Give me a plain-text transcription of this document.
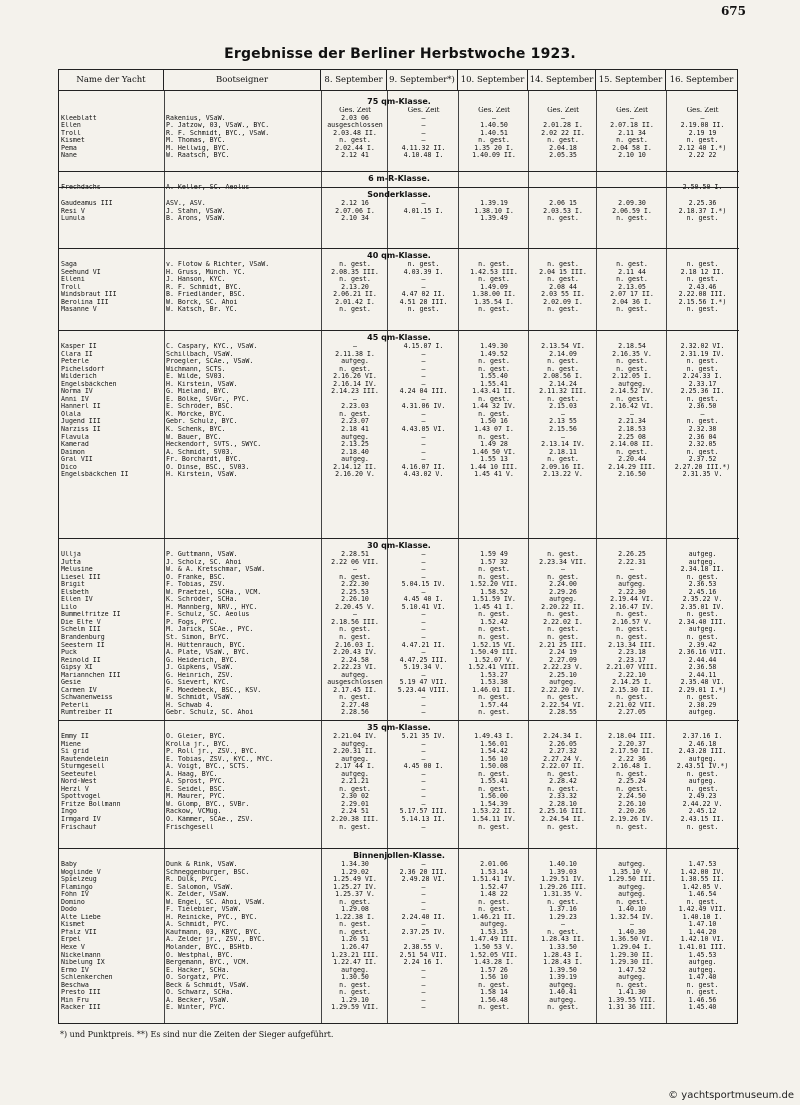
675
Ergebnisse der Berliner Herbstwoche 1923.
Name der Yacht	Bootseigner	8. September 9. September*) 10. September 14. September 15. September 16. September
75 qm-Klasse.
Ges. Zeit	Ges. Zeit	Ges. Zeit	Ges. Zeit	Ges. Zeit	Ges. Zeit
Kleeblatt	Rakenius, VSaW.	2.03 06	—	—	—	—	—
Ellen	P. Jatzow, 03, VSaW., BYC.	ausgeschlossen	—	1.40.50	2.01.28 I.	2.07.18 II.	2.19.08 II.
Troll	R. F. Schmidt, BYC., VSaW.	2.03.48 II.	—	1.40.51	2.02 22 II.	2.11 34	2.19 19
Kismet	M. Thomas, BYC.	n. gest.	—	n. gest.	n. gest.	n. gest.	n. gest.
Pema	M. Hellwig, BYC.	2.02.44 I.	4.11.32 II.	1.35 20 I.	2.04.18	2.04 58 I.	2.12 40 I.*)
Nane	W. Raatsch, BYC.	2.12 41	4.10.48 I.	1.40.09 II.	2.05.35	2.10 10	2.22 22
6 m-R-Klasse.
Frechdachs	A. Keller, SC. Aeolus	—	—	—	—	—	2.50.50 I.
Sonderklasse.
Gaudeamus III	ASV., ASV.	2.12 16	—	1.39.19	2.06 15	2.09.30	2.25.36
Resi V	J. Stahn, VSaW.	2.07.06 I.	4.01.15 I.	1.38.10 I.	2.03.53 I.	2.06.59 I.	2.18.37 I.*)
Lunula	B. Arons, VSaW.	2.10 34	—	1.39.49	n. gest.	n. gest.	n. gest.
40 qm-Klasse.
Saga	v. Flotow & Richter, VSaW.	n. gest.	n. gest.	n. gest.	n. gest.	n. gest.	n. gest.
Seehund VI	H. Gruss, Münch. YC.	2.08.35 III.	4.03.39 I.	1.42.53 III.	2.04 15 III.	2.11 44	2.18 12 II.
Elleni	J. Hanson, KYC.	n. gest.	—	n. gest.	n. gest.	n. gest.	n. gest.
Troll	R. F. Schmidt, BYC.	2.13.20	—	1.49.09	2.08 44	2.13.05	2.43.46
Windsbraut III	B. Friedländer, BSC.	2.06.21 II.	4.47 02 II.	1.38.00 II.	2.03 55 II.	2.07 17 II.	2.22.08 III.
Berolina III	W. Borck, SC. Ahoi	2.01.42 I.	4.51 28 III.	1.35.54 I.	2.02.09 I.	2.04 36 I.	2.15.56 I.*)
Masanne V	W. Katsch, Br. YC.	n. gest.	n. gest.	n. gest.	n. gest.	n. gest.	n. gest.
45 qm-Klasse.
Kasper II	C. Caspary, KYC., VSaW.	—	4.15.07 I.	1.49.30	2.13.54 VI.	2.18.54	2.32.02 VI.
Clara II	Schillbach, VSaW.	2.11.38 I.	—	1.49.52	2.14.09	2.16.35 V.	2.31.19 IV.
Peterle	Proegler, SCAe., VSaW.	aufgeg.	—	n. gest.	n. gest.	n. gest.	n. gest.
Pichelsdorf	Wichmann, SCTS.	n. gest.	—	n. gest.	n. gest.	n. gest.	n. gest.
Wilderich	E. Wilde, SV03.	2.16.26 VI.	—	1.55.40	2.08.56 I.	2.12.05 I.	2.24.33 I.
Engelsbäckchen	H. Kirstein, VSaW.	2.16.14 IV.	—	1.55.41	2.14.24	aufgeg.	2.33.17
Norma IV	G. Mieland, BYC.	2.14.23 III.	4.24 04 III.	1.43.41 II.	2.11.32 III.	2.14.52 IV.	2.25.36 II.
Anni IV	E. Bölke, SVGr., PYC.	—	—	n. gest.	n. gest.	n. gest.	n. gest.
Hannerl II	E. Schröder, BSC.	2.23.03	4.31.06 IV.	1.44 32 IV.	2.15.03	2.16.42 VI.	2.36.50
Olala	K. Mörcke, BYC.	n. gest.	—	n. gest.	—	—	—
Jugend III	Gebr. Schulz, BYC.	2.23.07	—	1.50 16	2.13 55	2.21.34	n. gest.
Narziss II	K. Schenk, BYC.	2.18 41	4.43.05 VI.	1.43 07 I.	2.15.56	2.18.53	2.32.38
Flavula	W. Bauer, BYC.	aufgeg.	—	n. gest.	—	2.25 08	2.36 04
Kamerad	Heckendorf, SVTS., SWYC.	2.13.25	—	1.49 28	2.13.14 IV.	2.14.08 II.	2.32.05
Daimon	A. Schmidt, SV03.	2.18.40	—	1.46 50 VI.	2.18.11	n. gest.	n. gest.
Gral VII	Fr. Borchardt, BYC.	aufgeg.	—	1.55 13	n. gest.	2.20.44	2.37.52
Dico	O. Dinse, BSC., SV03.	2.14.12 II.	4.16.07 II.	1.44 10 III.	2.09.16 II.	2.14.29 III.	2.27.20 III.*)
Engelsbäckchen II	H. Kirstein, VSaW.	2.16.20 V.	4.43.02 V.	1.45 41 V.	2.13.22 V.	2.16.50	2.31.35 V.
30 qm-Klasse.
Ullja	P. Guttmann, VSaW.	2.28.51	—	1.59 49	n. gest.	2.26.25	aufgeg.
Jutta	J. Scholz, SC. Ahoi	2.22 06 VII.	—	1.57 32	2.23.34 VII.	2.22.31	aufgeg.
Melusine	W. & A. Kretschmar, VSaW.	—	—	n. gest.	—	—	2.34.18 II.
Liesel III	O. Franke, BSC.	n. gest.	—	n. gest.	n. gest.	n. gest.	n. gest.
Brigit	F. Tobias, ZSV.	2.22.30	5.04.15 IV.	1.52.20 VII.	2.24.00	aufgeg.	2.36.53
Elsbeth	W. Praetzel, SCHa., VCM.	2.25.53	—	1.58.52	2.29.26	2.22.30	2.45.16
Ellen IV	K. Schröder, SCHa.	2.26.10	4.45 40 I.	1.51.59 IV.	aufgeg.	2.19.44 VI.	2.35.22 V.
Lilo	H. Mannberg, NRV., HYC.	2.20.45 V.	5.10.41 VI.	1.45 41 I.	2.20.22 II.	2.16.47 IV.	2.35.01 IV.
Bummelfritze II	F. Schulz, SC. Aeolus	—	—	n. gest.	n. gest.	n. gest.	n. gest.
Die Elfe V	P. Fogs, PYC.	2.18.56 III.	—	1.52.42	2.22.02 I.	2.16.57 V.	2.34.40 III.
Schelm III	M. Jarick, SCAe., PYC.	n. gest.	—	n. gest.	n. gest.	n. gest.	aufgeg.
Brandenburg	St. Simon, BrYC.	n. gest.	—	n. gest.	n. gest.	n. gest.	n. gest.
Seestern II	H. Hüttenrauch, BYC.	2.16.03 I.	4.47.21 II.	1.52.15 VI.	2.21 25 III.	2.13.34 III.	2.39.42
Puck	A. Plate, VSaW., BYC.	2.20.43 IV.	—	1.50.49 III.	2.24 19	2.23.18	2.36.16 VII.
Reinold II	G. Heiderich, BYC.	2.24.58	4.47.25 III.	1.52.07 V.	2.27.09	2.23.17	2.44.44
Gipsy XI	J. Gipkens, VSaW.	2.22.23 VI.	5.19.34 V.	1.52.41 VIII.	2.22.23 V.	2.21.07 VIII.	2.36.58
Mariannchen III	G. Heinrich, ZSV.	aufgeg.	—	1.53.27	2.25.10	2.22.10	2.44.11
Gesie	G. Sievert, KYC.	ausgeschlossen	5.19 47 VII.	1.53.38	aufgeg.	2.14.25 I.	2.35.48 VI.
Carmen IV	F. Moedebeck, BSC., KSV.	2.17.45 II.	5.23.44 VIII.	1.46.01 II.	2.22.20 IV.	2.15.30 II.	2.29.01 I.*)
Schwanenweiss	W. Schmidt, VSaW.	n. gest.	—	n. gest.	n. gest.	n. gest.	n. gest.
Peterli	H. Schwab 4.	2.27.48	—	1.57.44	2.22.54 VI.	2.21.02 VII.	2.38.29
Rumtreiber II	Gebr. Schulz, SC. Ahoi	2.28.56	—	n. gest.	2.28.55	2.27.05	aufgeg.
35 qm-Klasse.
Emmy II	O. Gleier, BYC.	2.21.04 IV.	5.21 35 IV.	1.49.43 I.	2.24.34 I.	2.18.04 III.	2.37.16 I.
Miene	Krolla jr., BYC.	aufgeg.	—	1.56.01	2.26.05	2.20.37	2.46.18
Si grid	P. Roll jr., ZSV., BYC.	2.20.31 II.	—	1.54.42	2.27.32	2.17.50 II.	2.43.28 III.
Rautendelein	E. Tobias, ZSV., KYC., MYC.	aufgeg.	—	1.56 10	2.27.24 V.	2.22 36	aufgeg.
Sturmgesell	A. Voigt, BYC., SCTS.	2.17 44 I.	4.45 00 I.	1.50.08	2.22.07 II.	2.16.48 I.	2.43.51 IV.*)
Seeteufel	A. Haag, BYC.	aufgeg.	—	n. gest.	n. gest.	n. gest.	n. gest.
Nord-West	A. Sprost, PYC.	2.21.21	—	1.55.41	2.28.42	2.25.24	aufgeg.
Herzl V	E. Seidel, BSC.	n. gest.	—	n. gest.	n. gest.	n. gest.	n. gest.
Spottvogel	M. Maurer, PYC.	2.30 02	—	1.56.00	2.33.32	2.24.50	2.49.23
Fritze Bollmann	W. Glomp, BYC., SVBr.	2.29.01	—	1.54.39	2.28.10	2.26.10	2.44.22 V.
Ingo	Rackow, VCMüg.	2.24 51	5.17.57 III.	1.53.22 II.	2.25.16 III.	2.20.26	2.45.12
Irmgard IV	O. Kämmer, SCAe., ZSV.	2.20.38 III.	5.14.13 II.	1.54.11 IV.	2.24.54 II.	2.19.26 IV.	2.43.15 II.
Frischauf	Frischgesell	n. gest.	—	n. gest.	n. gest.	n. gest.	n. gest.
Binnenjollen-Klasse.
Baby	Dunk & Rink, VSaW.	1.34.30	—	2.01.06	1.40.10	aufgeg.	1.47.53
Woglinde V	Schneggenburger, BSC.	1.29.02	2.36 20 III.	1.53.14	1.39.03	1.35.10 V.	1.42.00 IV.
Spielzeug	R. Dülk, PYC.	1.25.49 VI.	2.49.28 VI.	1.51.41 IV.	1.29.51 IV.	1.29.50 III.	1.38.55 II.
Flamingo	E. Salomon, VSaW.	1.25.27 IV.	—	1.52.47	1.29.26 III.	aufgeg.	1.42.05 V.
Föhn IV	K. Zelder, VSaW.	1.25.37 V.	—	1.48 22	1.31.35 V.	aufgeg.	1.46.54
Domino	W. Engel, SC. Ahoi, VSaW.	n. gest.	—	n. gest.	n. gest.	n. gest.	n. gest.
Dodo	F. Tielebier, VSaW.	1.29.08	—	n. gest.	1.37.16	1.40.10	1.42.49 VII.
Alte Liebe	H. Reinicke, PYC., BYC.	1.22.38 I.	2.24.40 II.	1.46.21 II.	1.29.23	1.32.54 IV.	1.40.10 I.
Kismet	A. Schmidt, PYC.	n. gest.	—	aufgeg.	—	—	1.47.10
Pfalz VII	Kaufmann, 03, KBYC, BYC.	n. gest.	2.37.25 IV.	1.53.15	n. gest.	1.40.30	1.44.20
Erpel	A. Zelder jr., ZSV., BYC.	1.26 51	—	1.47.49 III.	1.28.43 II.	1.36.50 VI.	1.42.10 VI.
Hexe V	Molander, BYC., BSHtb.	1.26.47	2.38.55 V.	1.50 53 V.	1.33.50	1.29.04 I.	1.41.01 III.
Nickelmann	O. Westphal, BYC.	1.23.21 III.	2.51 54 VII.	1.52.05 VII.	1.28.43 I.	1.29.30 II.	1.45.53
Nibelung IX	Bergemann, BYC., VCM.	1.22.47 II.	2.24 16 I.	1.43.28 I.	1.28.43 I.	1.29.30 II.	aufgeg.
Ermo IV	E. Hacker, SCHa.	aufgeg.	—	1.57 26	1.39.50	1.47.52	aufgeg.
Schlenkerchen	O. Sorgatz, PYC.	1.30.50	—	1.56 10	1.39.19	aufgeg.	1.47.40
Beschwa	Beck & Schmidt, VSaW.	n. gest.	—	n. gest.	aufgeg.	n. gest.	n. gest.
Presto III	O. Schwarz, SCHa.	n. gest.	—	1.58 14	1.40.41	1.41.30	n. gest.
Min Fru	A. Becker, VSaW.	1.29.10	—	1.56.48	aufgeg.	1.39.55 VII.	1.46.56
Racker III	E. Winter, PYC.	1.29.59 VII.	—	n. gest.	n. gest.	1.31 36 III.	1.45.40
*) und Punktpreis. **) Es sind nur die Zeiten der Sieger aufgeführt.
© yachtsportmuseum.de
